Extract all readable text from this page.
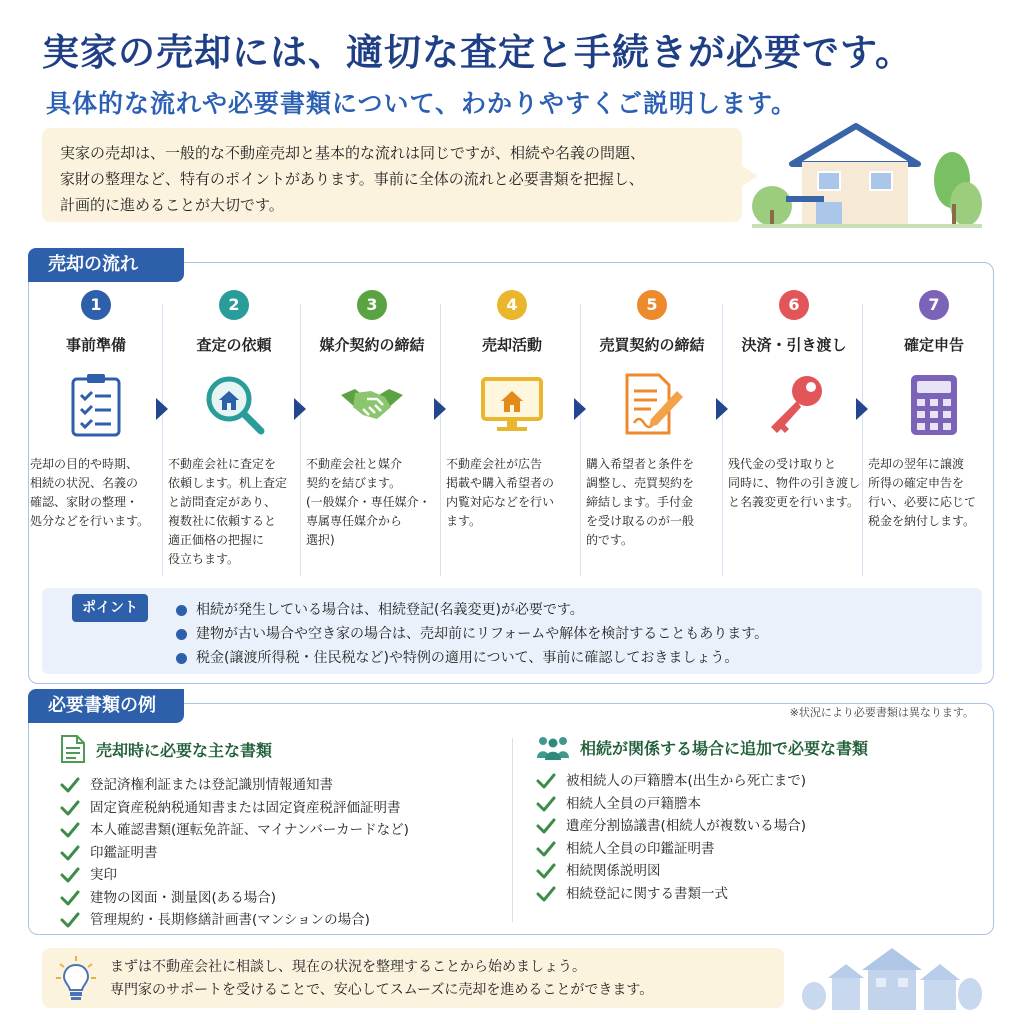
実家の売却には、適切な査定と手続きが必要です。
具体的な流れや必要書類について、わかりやすくご説明します。

実家の売却は、一般的な不動産売却と基本的な流れは同じですが、相続や名義の問題、

家財の整理など、特有のポイントがあります。事前に全体の流れと必要書類を把握し、

計画的に進めることが大切です。

売却の流れ
1
事前準備
売却の目的や時期、
相続の状況、名義の
確認、家財の整理・
処分などを行います。
2
査定の依頼
不動産会社に査定を
依頼します。机上査定
と訪問査定があり、
複数社に依頼すると
適正価格の把握に
役立ちます。
3
媒介契約の締結
不動産会社と媒介
契約を結びます。
(一般媒介・専任媒介・
専属専任媒介から
選択)
4
売却活動
不動産会社が広告
掲載や購入希望者の
内覧対応などを行い
ます。
5
売買契約の締結
購入希望者と条件を
調整し、売買契約を
締結します。手付金
を受け取るのが一般
的です。
6
決済・引き渡し
残代金の受け取りと
同時に、物件の引き渡し
と名義変更を行います。
7
確定申告
売却の翌年に譲渡
所得の確定申告を
行い、必要に応じて
税金を納付します。
ポイント	相続が発生している場合は、相続登記(名義変更)が必要です。
建物が古い場合や空き家の場合は、売却前にリフォームや解体を検討することもあります。
税金(譲渡所得税・住民税など)や特例の適用について、事前に確認しておきましょう。
必要書類の例	※状況により必要書類は異なります。
売却時に必要な主な書類
登記済権利証または登記識別情報通知書
固定資産税納税通知書または固定資産税評価証明書
本人確認書類(運転免許証、マイナンバーカードなど)
印鑑証明書
実印
建物の図面・測量図(ある場合)
管理規約・長期修繕計画書(マンションの場合)
相続が関係する場合に追加で必要な書類
被相続人の戸籍謄本(出生から死亡まで)
相続人全員の戸籍謄本
遺産分割協議書(相続人が複数いる場合)
相続人全員の印鑑証明書
相続関係説明図
相続登記に関する書類一式
まずは不動産会社に相談し、現在の状況を整理することから始めましょう。
専門家のサポートを受けることで、安心してスムーズに売却を進めることができます。
